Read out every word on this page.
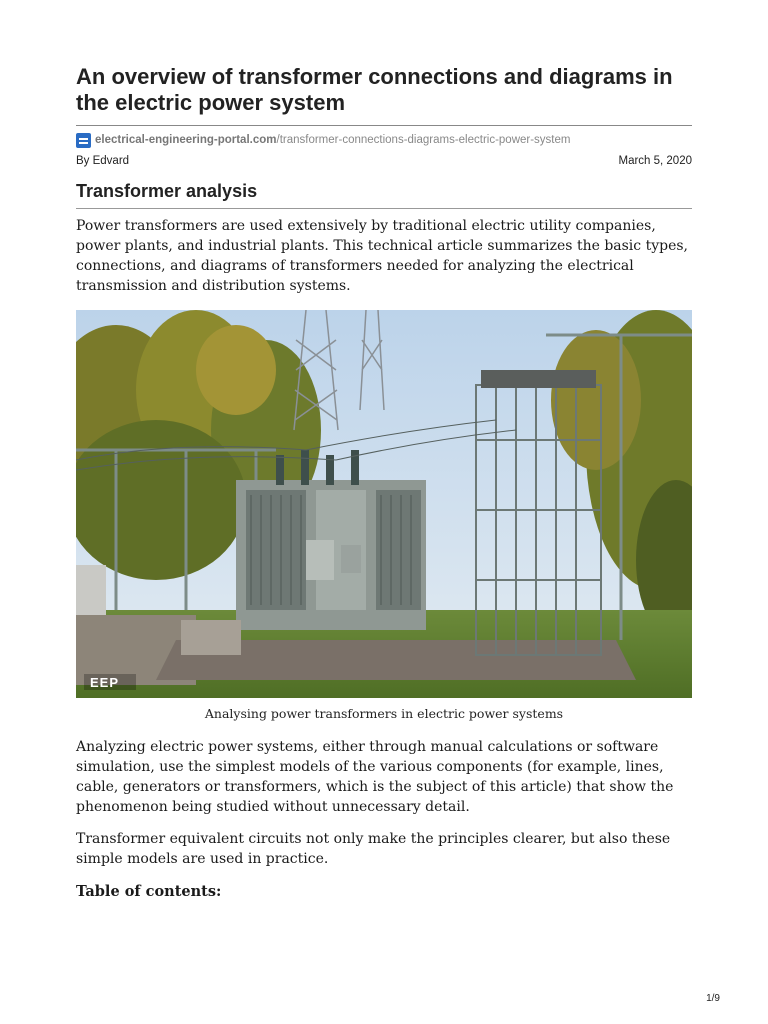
An overview of transformer connections and diagrams in the electric power system
electrical-engineering-portal.com /transformer-connections-diagrams-electric-power-system
By Edvard	March 5, 2020
Transformer analysis

Power transformers are used extensively by traditional electric utility companies, power plants, and industrial plants. This technical article summarizes the basic types, connections, and diagrams of transformers needed for analyzing the electrical transmission and distribution systems.

EEP
Analysing power transformers in electric power systems

Analyzing electric power systems, either through manual calculations or software simulation, use the simplest models of the various components (for example, lines, cable, generators or transformers, which is the subject of this article) that show the phenomenon being studied without unnecessary detail.

Transformer equivalent circuits not only make the principles clearer, but also these simple models are used in practice.

Table of contents:
1/9
